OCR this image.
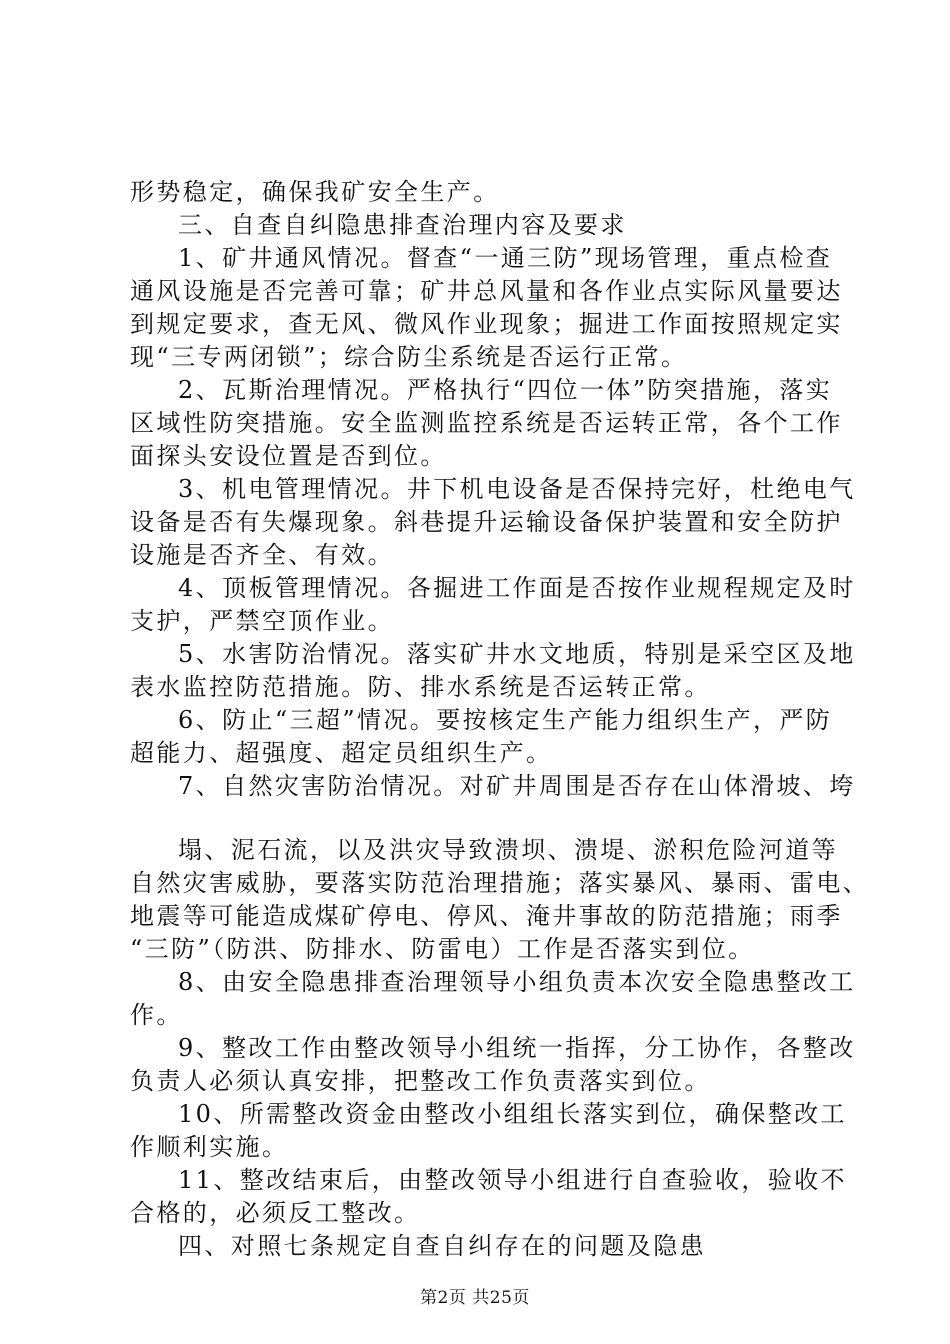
形势稳定，确保我矿安全生产。
三、自查自纠隐患排查治理内容及要求
1、矿井通风情况。督查“一通三防”现场管理，重点检查
通风设施是否完善可靠；矿井总风量和各作业点实际风量要达
到规定要求，查无风、微风作业现象；掘进工作面按照规定实
现“三专两闭锁”；综合防尘系统是否运行正常。
2、瓦斯治理情况。严格执行“四位一体”防突措施，落实
区域性防突措施。安全监测监控系统是否运转正常，各个工作
面探头安设位置是否到位。
3、机电管理情况。井下机电设备是否保持完好，杜绝电气
设备是否有失爆现象。斜巷提升运输设备保护装置和安全防护
设施是否齐全、有效。
4、顶板管理情况。各掘进工作面是否按作业规程规定及时
支护，严禁空顶作业。
5、水害防治情况。落实矿井水文地质，特别是采空区及地
表水监控防范措施。防、排水系统是否运转正常。
6、防止“三超”情况。要按核定生产能力组织生产，严防
超能力、超强度、超定员组织生产。
7、自然灾害防治情况。对矿井周围是否存在山体滑坡、垮
塌、泥石流，以及洪灾导致溃坝、溃堤、淤积危险河道等
自然灾害威胁，要落实防范治理措施；落实暴风、暴雨、雷电、
地震等可能造成煤矿停电、停风、淹井事故的防范措施；雨季
“三防”（防洪、防排水、防雷电）工作是否落实到位。
8、由安全隐患排查治理领导小组负责本次安全隐患整改工
作。
9、整改工作由整改领导小组统一指挥，分工协作，各整改
负责人必须认真安排，把整改工作负责落实到位。
10、所需整改资金由整改小组组长落实到位，确保整改工
作顺利实施。
11、整改结束后，由整改领导小组进行自查验收，验收不
合格的，必须反工整改。
四、对照七条规定自查自纠存在的问题及隐患
第2页 共25页
